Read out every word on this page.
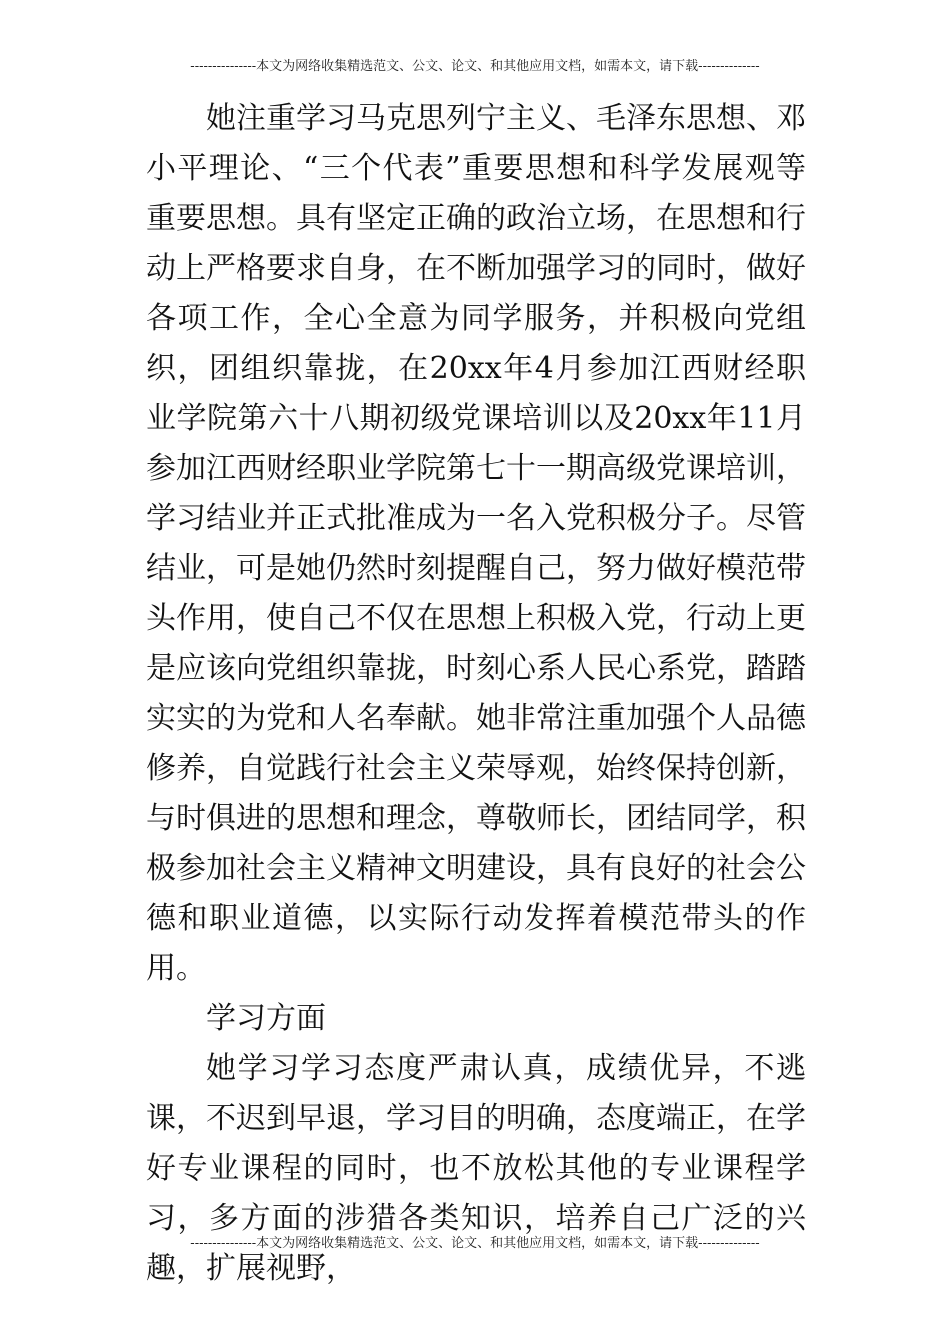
---------------本文为网络收集精选范文、公文、论文、和其他应用文档，如需本文，请下载--------------

她注重学习马克思列宁主义、毛泽东思想、邓小平理论、“三个代表”重要思想和科学发展观等重要思想。具有坚定正确的政治立场，在思想和行动上严格要求自身，在不断加强学习的同时，做好各项工作，全心全意为同学服务，并积极向党组织，团组织靠拢，在20xx年4月参加江西财经职业学院第六十八期初级党课培训以及20xx年11月参加江西财经职业学院第七十一期高级党课培训，学习结业并正式批准成为一名入党积极分子。尽管结业，可是她仍然时刻提醒自己，努力做好模范带头作用，使自己不仅在思想上积极入党，行动上更是应该向党组织靠拢，时刻心系人民心系党，踏踏实实的为党和人名奉献。她非常注重加强个人品德修养，自觉践行社会主义荣辱观，始终保持创新，与时俱进的思想和理念，尊敬师长，团结同学，积极参加社会主义精神文明建设，具有良好的社会公德和职业道德，以实际行动发挥着模范带头的作用。

学习方面

她学习学习态度严肃认真，成绩优异，不逃课，不迟到早退，学习目的明确，态度端正，在学好专业课程的同时，也不放松其他的专业课程学习，多方面的涉猎各类知识，培养自己广泛的兴趣，扩展视野，

---------------本文为网络收集精选范文、公文、论文、和其他应用文档，如需本文，请下载--------------
